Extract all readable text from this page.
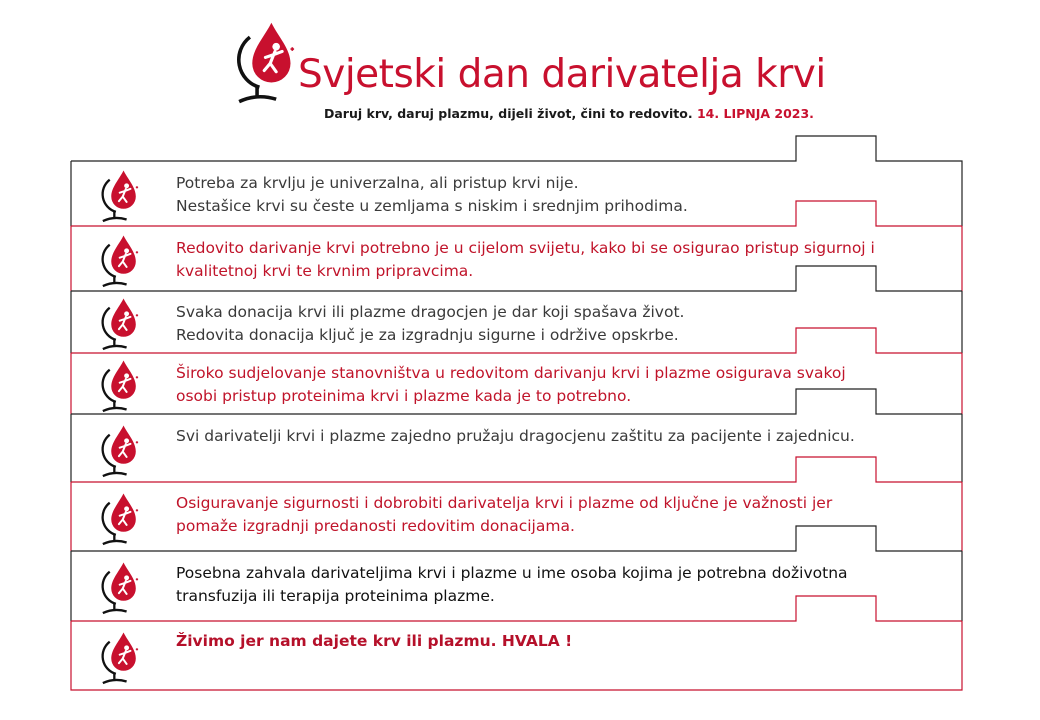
Svjetski dan darivatelja krvi
Daruj krv, daruj plazmu, dijeli život, čini to redovito. 14. LIPNJA 2023.
Potreba za krvlju je univerzalna, ali pristup krvi nije.
Nestašice krvi su česte u zemljama s niskim i srednjim prihodima.
Redovito darivanje krvi potrebno je u cijelom svijetu, kako bi se osigurao pristup sigurnoj i
kvalitetnoj krvi te krvnim pripravcima.
Svaka donacija krvi ili plazme dragocjen je dar koji spašava život.
Redovita donacija ključ je za izgradnju sigurne i održive opskrbe.
Široko sudjelovanje stanovništva u redovitom darivanju krvi i plazme osigurava svakoj
osobi pristup proteinima krvi i plazme kada je to potrebno.
Svi darivatelji krvi i plazme zajedno pružaju dragocjenu zaštitu za pacijente i zajednicu.
Osiguravanje sigurnosti i dobrobiti darivatelja krvi i plazme od ključne je važnosti jer
pomaže izgradnji predanosti redovitim donacijama.
Posebna zahvala darivateljima krvi i plazme u ime osoba kojima je potrebna doživotna
transfuzija ili terapija proteinima plazme.
Živimo jer nam dajete krv ili plazmu. HVALA !
